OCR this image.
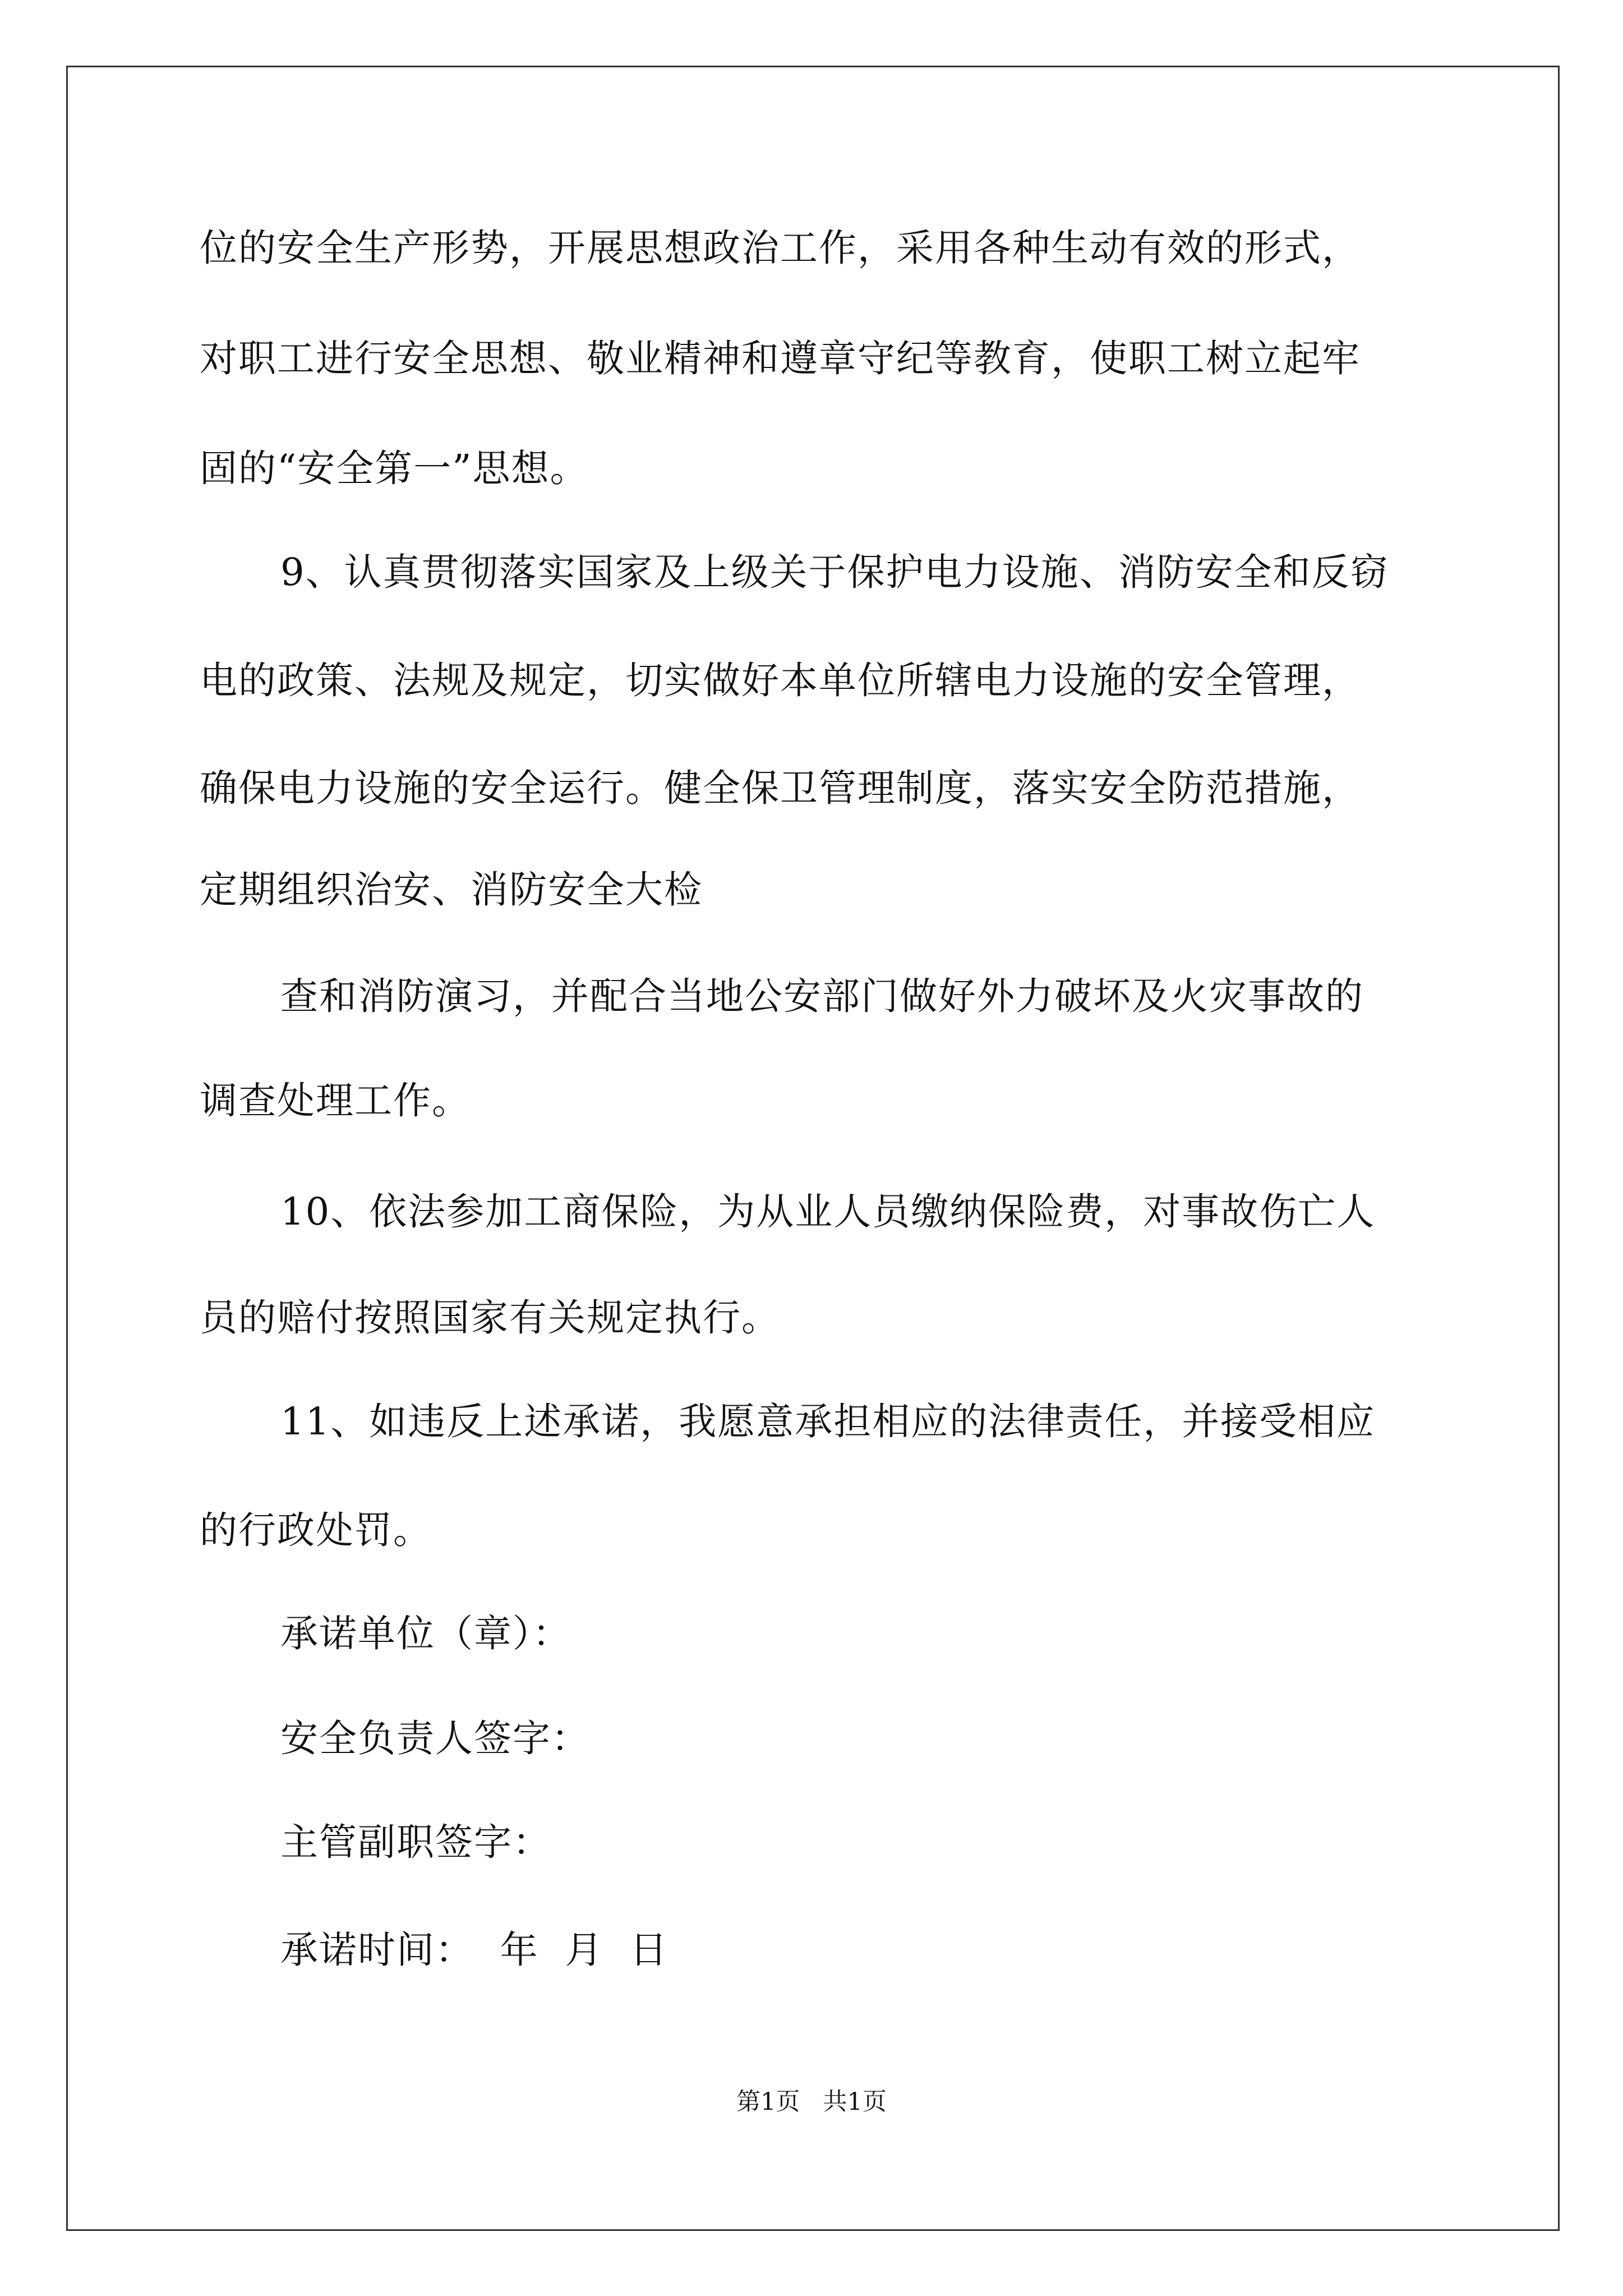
位的安全生产形势，开展思想政治工作，采用各种生动有效的形式，
对职工进行安全思想、敬业精神和遵章守纪等教育，使职工树立起牢
固的“安全第一”思想。
9、认真贯彻落实国家及上级关于保护电力设施、消防安全和反窃
电的政策、法规及规定，切实做好本单位所辖电力设施的安全管理，
确保电力设施的安全运行。健全保卫管理制度，落实安全防范措施，
定期组织治安、消防安全大检
查和消防演习，并配合当地公安部门做好外力破坏及火灾事故的
调查处理工作。
10、依法参加工商保险，为从业人员缴纳保险费，对事故伤亡人
员的赔付按照国家有关规定执行。
11、如违反上述承诺，我愿意承担相应的法律责任，并接受相应
的行政处罚。
承诺单位（章）：
安全负责人签字：
主管副职签字：
承诺时间：  年  月  日
第1页   共1页
